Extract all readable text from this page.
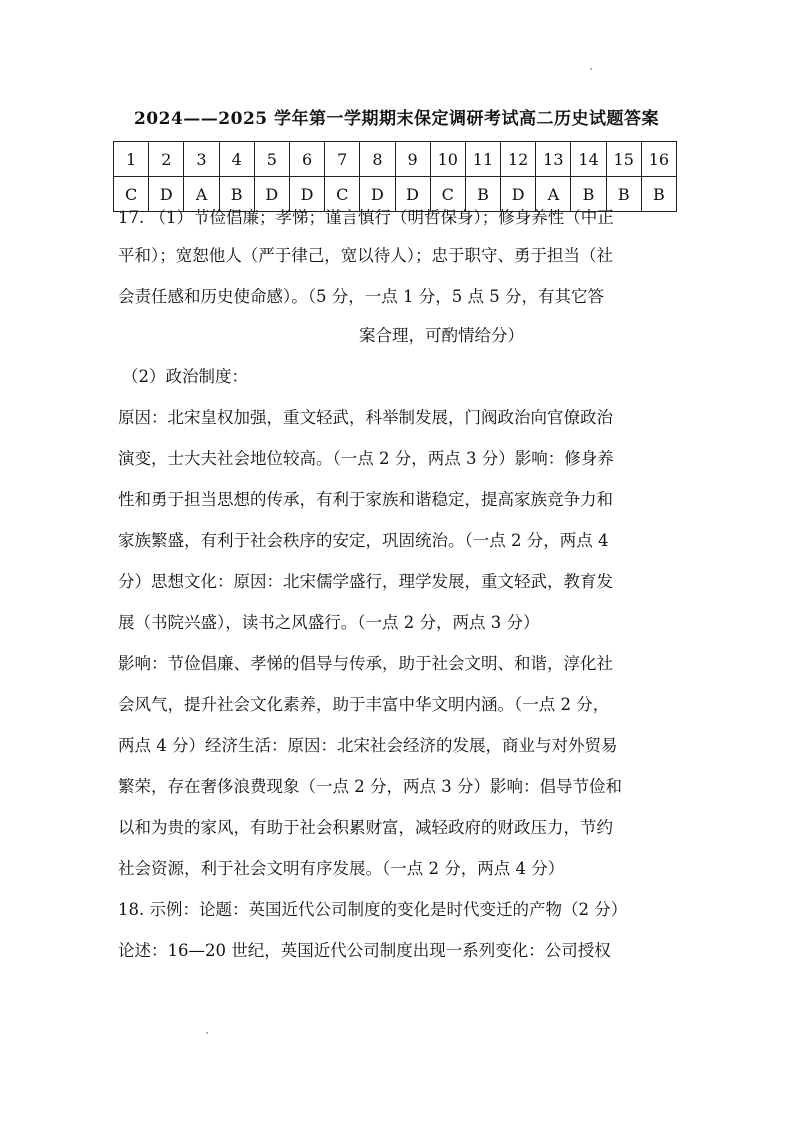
2024——2025 学年第一学期期末保定调研考试高二历史试题答案
1	2	3	4	5	6	7	8	9	10	11	12	13	14	15	16
C	D	A	B	D	D	C	D	D	C	B	D	A	B	B	B
17. （1）节俭倡廉；孝悌；谨言慎行（明哲保身）；修身养性（中正
平和）；宽恕他人（严于律己，宽以待人）；忠于职守、勇于担当（社
会责任感和历史使命感）。（5 分，一点 1 分，5 点 5 分，有其它答
案合理，可酌情给分）
（2）政治制度：
原因：北宋皇权加强，重文轻武，科举制发展，门阀政治向官僚政治
演变，士大夫社会地位较高。（一点 2 分，两点 3 分）影响：修身养
性和勇于担当思想的传承，有利于家族和谐稳定，提高家族竞争力和
家族繁盛，有利于社会秩序的安定，巩固统治。（一点 2 分，两点 4
分）思想文化：原因：北宋儒学盛行，理学发展，重文轻武，教育发
展（书院兴盛），读书之风盛行。（一点 2 分，两点 3 分）
影响：节俭倡廉、孝悌的倡导与传承，助于社会文明、和谐，淳化社
会风气，提升社会文化素养，助于丰富中华文明内涵。（一点 2 分，
两点 4 分）经济生活：原因：北宋社会经济的发展，商业与对外贸易
繁荣，存在奢侈浪费现象（一点 2 分，两点 3 分）影响：倡导节俭和
以和为贵的家风，有助于社会积累财富，减轻政府的财政压力，节约
社会资源，利于社会文明有序发展。（一点 2 分，两点 4 分）
18. 示例：论题：英国近代公司制度的变化是时代变迁的产物（2 分）
论述：16—20 世纪，英国近代公司制度出现一系列变化：公司授权
